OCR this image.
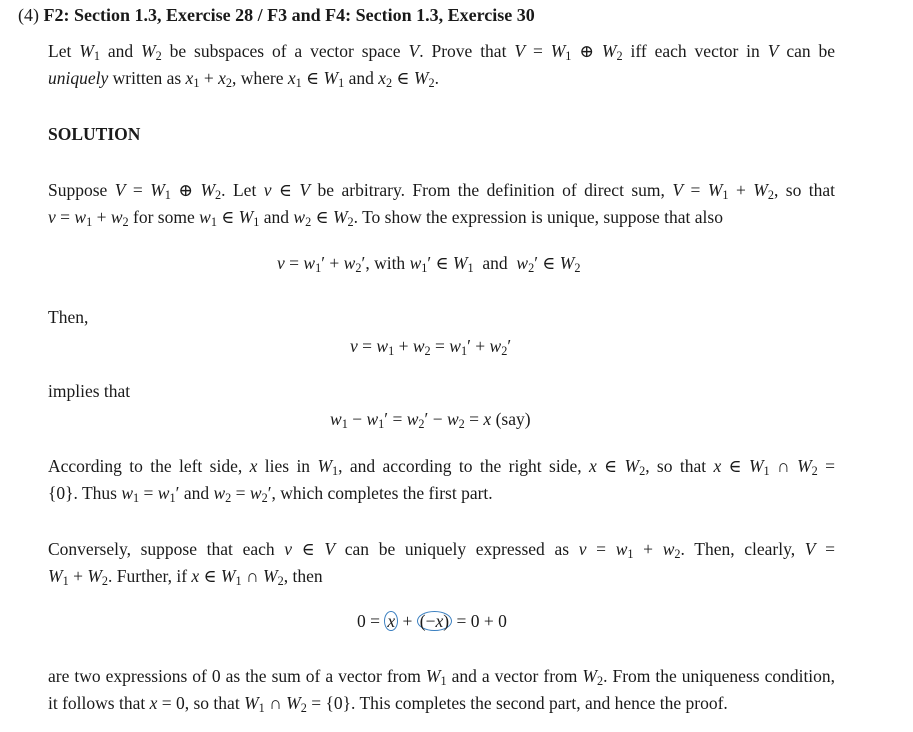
(4) F2: Section 1.3, Exercise 28 / F3 and F4: Section 1.3, Exercise 30
Let $W_1$ and $W_2$ be subspaces of a vector space V. Prove that $V = W_1$ ⊕ $W_2$ iff each vector in V can be
uniquely written as $x_1 + x_2$, where $x_1$ ∈ $W_1$ and $x_2$ ∈ $W_2$.
SOLUTION
Suppose $V = W_1$ ⊕ $W_2$. Let v ∈ V be arbitrary. From the definition of direct sum, $V = W_1 + W_2$, so that
$v = w_1 + w_2$ for some $w_1$ ∈ $W_1$ and $w_2$ ∈ $W_2$. To show the expression is unique, suppose that also
$v = w_1' + w_2'$, with $w_1'$ ∈ $W_1$ and $w_2'$ ∈ $W_2$
Then,
$v = w_1 + w_2 = w_1' + w_2'$
implies that
$w_1 - w_1' = w_2' - w_2 = x$ (say)
According to the left side, x lies in $W_1$, and according to the right side, x ∈ $W_2$, so that x ∈ $W_1$ ∩ $W_2$ =
{0}. Thus $w_1 = w_1'$ and $w_2 = w_2'$, which completes the first part.
Conversely, suppose that each v ∈ V can be uniquely expressed as $v = w_1 + w_2$. Then, clearly, V =
$W_1 + W_2$. Further, if x ∈ $W_1$ ∩ $W_2$, then
0 = x + (−x) = 0 + 0
are two expressions of 0 as the sum of a vector from $W_1$ and a vector from $W_2$. From the uniqueness condition,
it follows that x = 0, so that $W_1$ ∩ $W_2 = \{0\}$. This completes the second part, and hence the proof.
